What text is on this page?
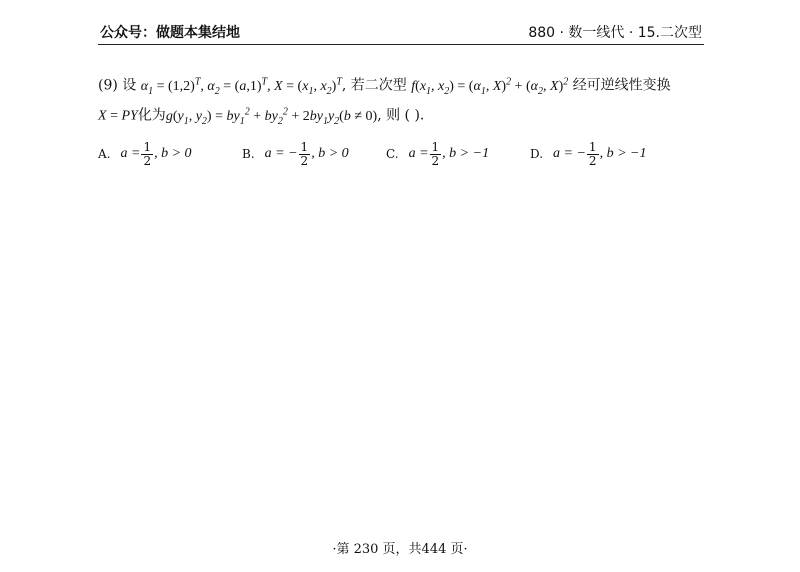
公众号：做题本集结地	880 · 数一线代 · 15.二次型
(9) 设 $\alpha_1 = (1,2)^T$, $\alpha_2 = (a,1)^T$, $X = (x_1$, $x_2)^T$, 若二次型 $f(x_1$, $x_2) = (\alpha_1$, $X)^2 + (\alpha_2$, X)$^2$ 经可逆线性变换
X = PY化为$g(y_1$, $y_2) = by_1^2 + by_2^2 + 2by_1y_2(b \ne 0)$, 则 ( ).
A. $a = \frac{1}{2}$ , b > 0	B. a = − $\frac{1}{2}$ , b > 0	C. $a = \frac{1}{2}$ , b > −1	D. a = − $\frac{1}{2}$ , b > −1
·第 230 页，共444 页·
